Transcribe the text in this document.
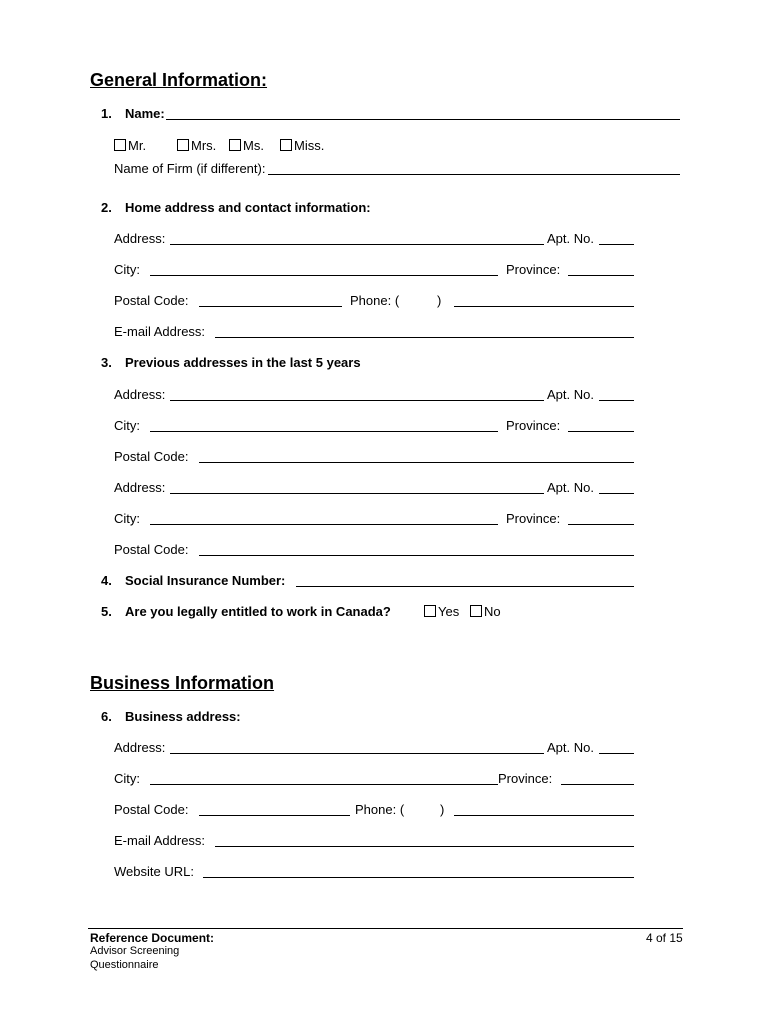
General Information:
1. Name:
Mr.	Mrs.	Ms.	Miss.
Name of Firm (if different):
2. Home address and contact information:
Address:	Apt. No.
City:	Province:
Postal Code:	Phone: (	)
E-mail Address:
3. Previous addresses in the last 5 years
Address:	Apt. No.
City:	Province:
Postal Code:
Address:	Apt. No.
City:	Province:
Postal Code:
4. Social Insurance Number:
5. Are you legally entitled to work in Canada?	Yes	No
Business Information
6. Business address:
Address:	Apt. No.
City:	Province:
Postal Code:	Phone: (	)
E-mail Address:
Website URL:
Reference Document:
Advisor Screening
Questionnaire
4 of 15
